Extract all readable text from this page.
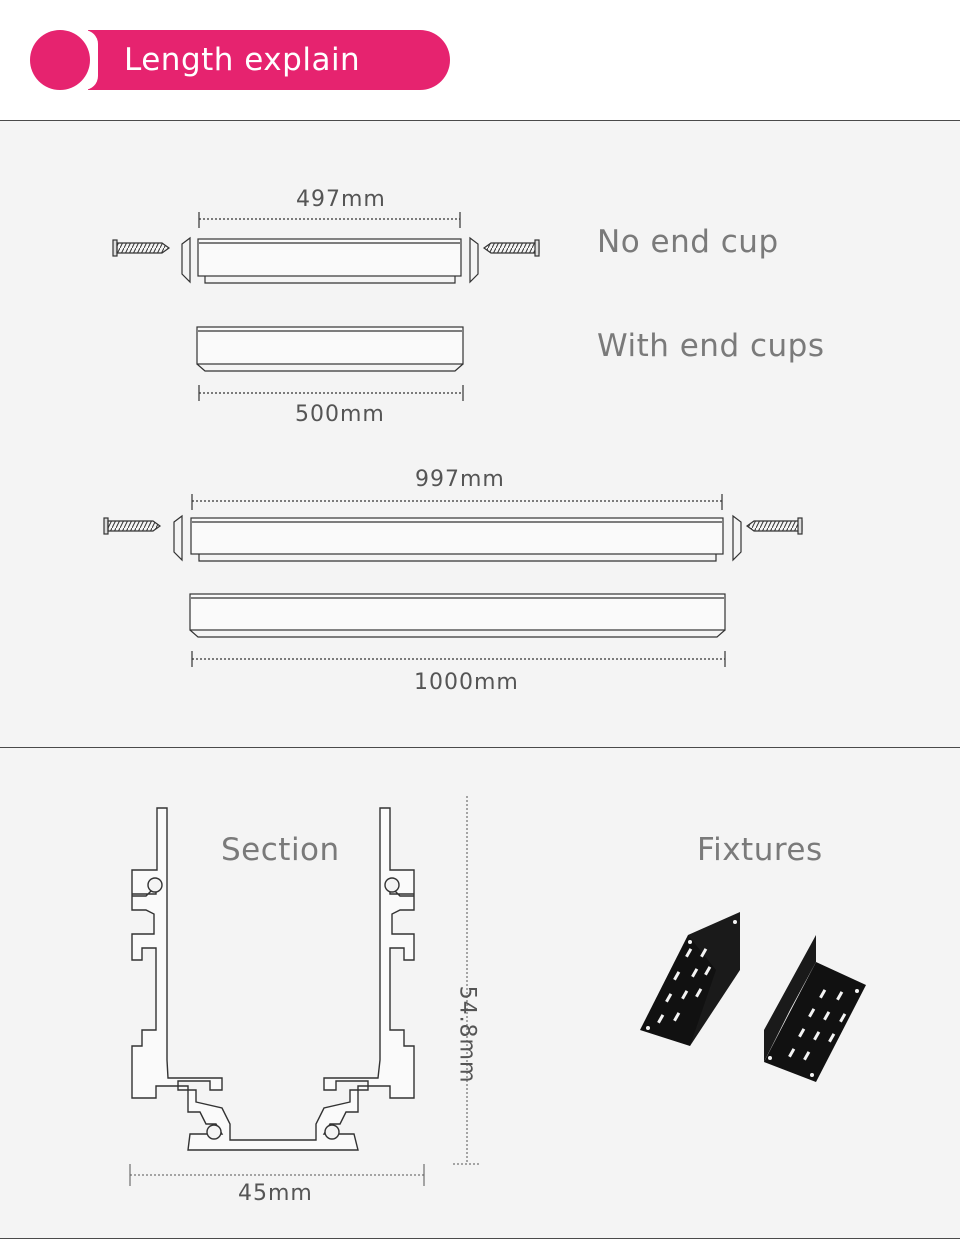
Length explain
497mm
No end cup
With end cups
500mm
997mm
1000mm
Section	Fixtures
45mm
54.8mm
